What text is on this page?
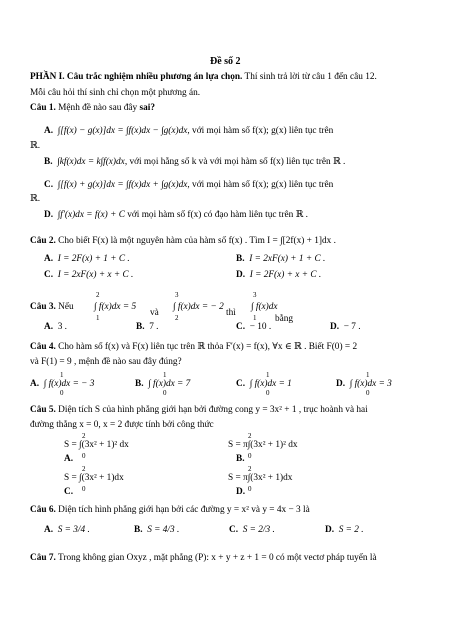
Đề số 2
PHẦN I. Câu trắc nghiệm nhiều phương án lựa chọn. Thí sinh trả lời từ câu 1 đến câu 12.
Mỗi câu hỏi thí sinh chỉ chọn một phương án.
Câu 1. Mệnh đề nào sau đây sai?
A. ∫[f(x) − g(x)]dx = ∫f(x)dx − ∫g(x)dx, với mọi hàm số f(x); g(x) liên tục trên
ℝ.
B. ∫kf(x)dx = k∫f(x)dx, với mọi hằng số k và với mọi hàm số f(x) liên tục trên ℝ .
C. ∫[f(x) + g(x)]dx = ∫f(x)dx + ∫g(x)dx, với mọi hàm số f(x); g(x) liên tục trên
ℝ.
D. ∫f′(x)dx = f(x) + C với mọi hàm số f(x) có đạo hàm liên tục trên ℝ .
Câu 2. Cho biết F(x) là một nguyên hàm của hàm số f(x) . Tìm I = ∫[2f(x) + 1]dx .
A. I = 2F(x) + 1 + C .	B. I = 2xF(x) + 1 + C .
C. I = 2xF(x) + x + C .	D. I = 2F(x) + x + C .
2	3	3
Câu 3. Nếu ∫ f(x)dx = 5
và
∫ f(x)dx = − 2
thì
∫ f(x)dx
bằng
1	2	1
A. 3 .	B. 7 .	C. − 10 .	D. − 7 .
Câu 4. Cho hàm số f(x) và F(x) liên tục trên ℝ thỏa F′(x) = f(x), ∀x ∈ ℝ . Biết F(0) = 2
và F(1) = 9 , mệnh đề nào sau đây đúng?
1	1	1	1
A. ∫ f(x)dx = − 3	B. ∫ f(x)dx = 7	C. ∫ f(x)dx = 1	D. ∫ f(x)dx = 3
0	0	0	0
Câu 5. Diện tích S của hình phẳng giới hạn bởi đường cong y = 3x² + 1 , trục hoành và hai
đường thẳng x = 0, x = 2 được tính bởi công thức
2	2
S = ∫(3x² + 1)² dx	S = π∫(3x² + 1)² dx
A.	B.
0	0
2	2
S = ∫(3x² + 1)dx	S = π∫(3x² + 1)dx
C.	D.
0	0
Câu 6. Diện tích hình phẳng giới hạn bởi các đường y = x² và y = 4x − 3 là
A. S = 3/4 .	B. S = 4/3 .	C. S = 2/3 .	D. S = 2 .
Câu 7. Trong không gian Oxyz , mặt phẳng (P): x + y + z + 1 = 0 có một vectơ pháp tuyến là
